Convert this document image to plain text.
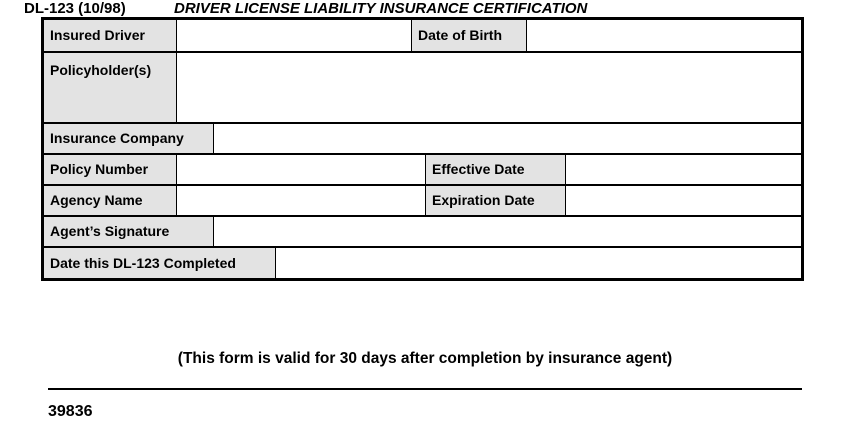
DL-123 (10/98)	DRIVER LICENSE LIABILITY INSURANCE CERTIFICATION
Insured Driver	Date of Birth
Policyholder(s)
Insurance Company
Policy Number	Effective Date
Agency Name	Expiration Date
Agent’s Signature
Date this DL-123 Completed
(This form is valid for 30 days after completion by insurance agent)
39836
